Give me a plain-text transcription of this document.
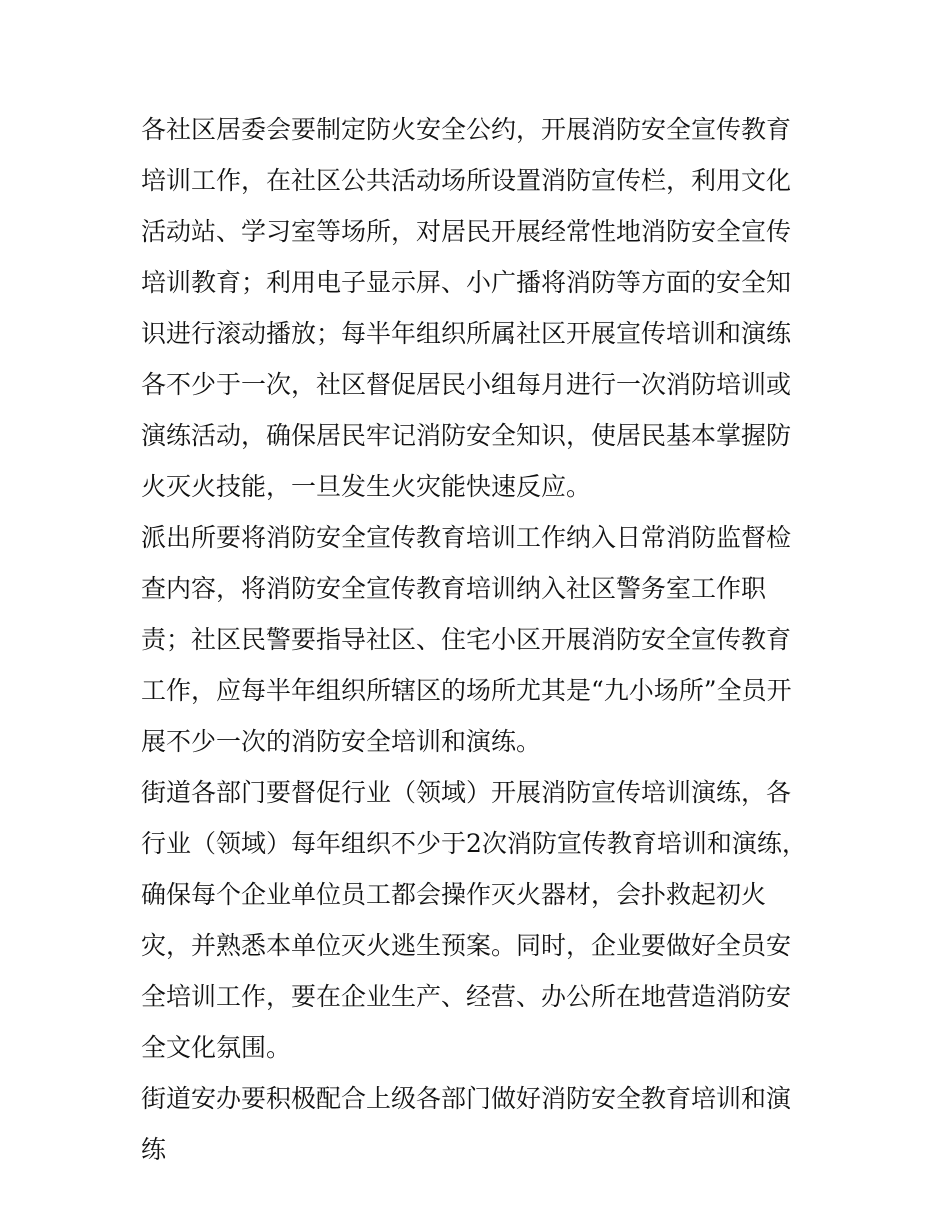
各社区居委会要制定防火安全公约，开展消防安全宣传教育培训工作，在社区公共活动场所设置消防宣传栏，利用文化活动站、学习室等场所，对居民开展经常性地消防安全宣传培训教育；利用电子显示屏、小广播将消防等方面的安全知识进行滚动播放；每半年组织所属社区开展宣传培训和演练各不少于一次，社区督促居民小组每月进行一次消防培训或演练活动，确保居民牢记消防安全知识，使居民基本掌握防火灭火技能，一旦发生火灾能快速反应。

派出所要将消防安全宣传教育培训工作纳入日常消防监督检查内容，将消防安全宣传教育培训纳入社区警务室工作职责；社区民警要指导社区、住宅小区开展消防安全宣传教育工作，应每半年组织所辖区的场所尤其是“九小场所”全员开展不少一次的消防安全培训和演练。

街道各部门要督促行业（领域）开展消防宣传培训演练，各行业（领域）每年组织不少于2次消防宣传教育培训和演练，确保每个企业单位员工都会操作灭火器材，会扑救起初火灾，并熟悉本单位灭火逃生预案。同时，企业要做好全员安全培训工作，要在企业生产、经营、办公所在地营造消防安全文化氛围。

街道安办要积极配合上级各部门做好消防安全教育培训和演练
